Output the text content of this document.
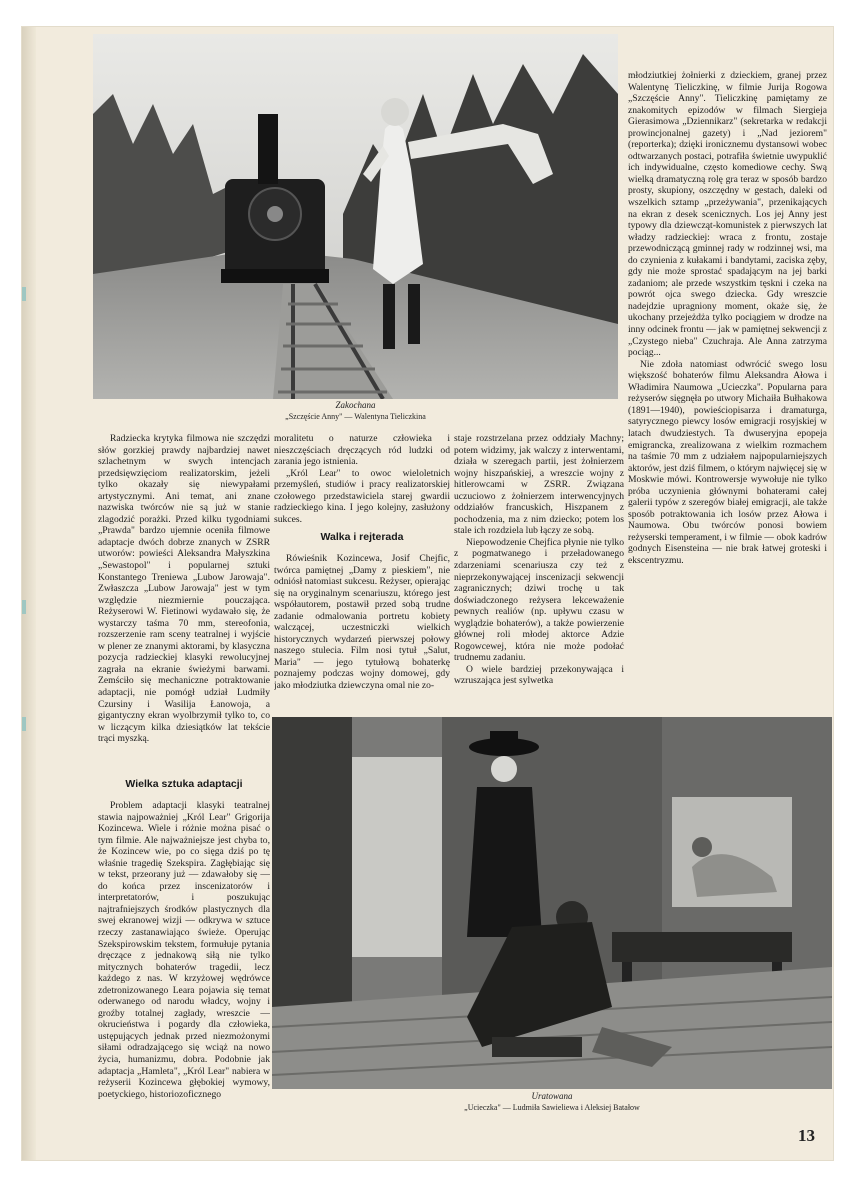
Zakochana
„Szczęście Anny" — Walentyna Tieliczkina

młodziutkiej żołnierki z dzieckiem, granej przez Walentynę Tieliczkinę, w filmie Jurija Rogowa „Szczęście Anny". Tieliczkinę pamiętamy ze znakomitych epizodów w filmach Siergieja Gierasimowa „Dziennikarz" (sekretarka w redakcji prowincjonalnej gazety) i „Nad jeziorem" (reporterka); dzięki ironicznemu dystansowi wobec odtwarzanych postaci, potrafiła świetnie uwypuklić ich indywidualne, często komediowe cechy. Swą wielką dramatyczną rolę gra teraz w sposób bardzo prosty, skupiony, oszczędny w gestach, daleki od wszelkich sztamp „przeżywania", przenikających na ekran z desek scenicznych. Los jej Anny jest typowy dla dziewcząt-komunistek z pierwszych lat władzy radzieckiej: wraca z frontu, zostaje przewodniczącą gminnej rady w rodzinnej wsi, ma do czynienia z kułakami i bandytami, zaciska zęby, gdy nie może sprostać spadającym na jej barki zadaniom; ale przede wszystkim tęskni i czeka na powrót ojca swego dziecka. Gdy wreszcie nadejdzie upragniony moment, okaże się, że ukochany przejeżdża tylko pociągiem w drodze na inny odcinek frontu — jak w pamiętnej sekwencji z „Czystego nieba" Czuchraja. Ale Anna zatrzyma pociąg...

Nie zdoła natomiast odwrócić swego losu większość bohaterów filmu Aleksandra Ałowa i Władimira Naumowa „Ucieczka". Popularna para reżyserów sięgnęła po utwory Michaiła Bułhakowa (1891—1940), powieściopisarza i dramaturga, satyrycznego piewcy losów emigracji rosyjskiej w latach dwudziestych. Ta dwuseryjna epopeja emigrancka, zrealizowana z wielkim rozmachem na taśmie 70 mm z udziałem najpopularniejszych aktorów, jest dziś filmem, o którym najwięcej się w Moskwie mówi. Kontrowersje wywołuje nie tylko próba uczynienia głównymi bohaterami całej galerii typów z szeregów białej emigracji, ale także sposób potraktowania ich losów przez Ałowa i Naumowa. Obu twórców ponosi bowiem reżyserski temperament, i w filmie — obok kadrów godnych Eisensteina — nie brak łatwej groteski i ekscentryzmu.

Radziecka krytyka filmowa nie szczędzi słów gorzkiej prawdy najbardziej nawet szlachetnym w swych intencjach przedsięwzięciom realizatorskim, jeżeli tylko okazały się niewypałami artystycznymi. Ani temat, ani znane nazwiska twórców nie są już w stanie zlagodzić porażki. Przed kilku tygodniami „Prawda" bardzo ujemnie oceniła filmowe adaptacje dwóch dobrze znanych w ZSRR utworów: powieści Aleksandra Małyszkina „Sewastopol" i popularnej sztuki Konstantego Treniewa „Lubow Jarowaja". Zwłaszcza „Lubow Jarowaja" jest w tym względzie niezmiernie pouczająca. Reżyserowi W. Fietinowi wydawało się, że wystarczy taśma 70 mm, stereofonia, rozszerzenie ram sceny teatralnej i wyjście w plener ze znanymi aktorami, by klasyczna pozycja radzieckiej klasyki rewolucyjnej zagrała na ekranie świeżymi barwami. Zemściło się mechaniczne potraktowanie adaptacji, nie pomógł udział Ludmiły Czursiny i Wasilija Łanowoja, a gigantyczny ekran wyolbrzymił tylko to, co w liczącym kilka dziesiątków lat tekście trąci myszką.

Wielka sztuka adaptacji

Problem adaptacji klasyki teatralnej stawia najpoważniej „Król Lear" Grigorija Kozincewa. Wiele i różnie można pisać o tym filmie. Ale najważniejsze jest chyba to, że Kozincew wie, po co sięga dziś po tę właśnie tragedię Szekspira. Zagłębiając się w tekst, przeorany już — zdawałoby się — do końca przez inscenizatorów i interpretatorów, i poszukując najtrafniejszych środków plastycznych dla swej ekranowej wizji — odkrywa w sztuce rzeczy zastanawiająco świeże. Operując Szekspirowskim tekstem, formułuje pytania dręczące z jednakową siłą nie tylko mitycznych bohaterów tragedii, lecz każdego z nas. W krzyżowej wędrówce zdetronizowanego Leara pojawia się temat oderwanego od narodu władcy, wojny i groźby totalnej zagłady, wreszcie — okrucieństwa i pogardy dla człowieka, ustępujących jednak przed niezmożonymi siłami odradzającego się wciąż na nowo życia, humanizmu, dobra. Podobnie jak adaptacja „Hamleta", „Król Lear" nabiera w reżyserii Kozincewa głębokiej wymowy, poetyckiego, historiozoficznego

moralitetu o naturze człowieka i nieszczęściach dręczących ród ludzki od zarania jego istnienia.

„Król Lear" to owoc wieloletnich przemyśleń, studiów i pracy realizatorskiej czołowego przedstawiciela starej gwardii radzieckiego kina. I jego kolejny, zasłużony sukces.

Walka i rejterada

Rówieśnik Kozincewa, Josif Chejfic, twórca pamiętnej „Damy z pieskiem", nie odniósł natomiast sukcesu. Reżyser, opierając się na oryginalnym scenariuszu, którego jest współautorem, postawił przed sobą trudne zadanie odmalowania portretu kobiety walczącej, uczestniczki wielkich historycznych wydarzeń pierwszej połowy naszego stulecia. Film nosi tytuł „Salut, Maria" — jego tytułową bohaterkę poznajemy podczas wojny domowej, gdy jako młodziutka dziewczyna omal nie zo-

staje rozstrzelana przez oddziały Machny; potem widzimy, jak walczy z interwentami, działa w szeregach partii, jest żołnierzem wojny hiszpańskiej, a wreszcie wojny z hitlerowcami w ZSRR. Związana uczuciowo z żołnierzem interwencyjnych oddziałów francuskich, Hiszpanem z pochodzenia, ma z nim dziecko; potem los stale ich rozdziela lub łączy ze sobą.

Niepowodzenie Chejfica płynie nie tylko z pogmatwanego i przeładowanego zdarzeniami scenariusza czy też z nieprzekonywającej inscenizacji sekwencji zagranicznych; dziwi trochę u tak doświadczonego reżysera lekceważenie pewnych realiów (np. upływu czasu w wyglądzie bohaterów), a także powierzenie głównej roli młodej aktorce Adzie Rogowcewej, która nie może podołać trudnemu zadaniu.

O wiele bardziej przekonywająca i wzruszająca jest sylwetka

Uratowana
„Ucieczka" — Ludmiła Sawieliewa i Aleksiej Batałow
13
